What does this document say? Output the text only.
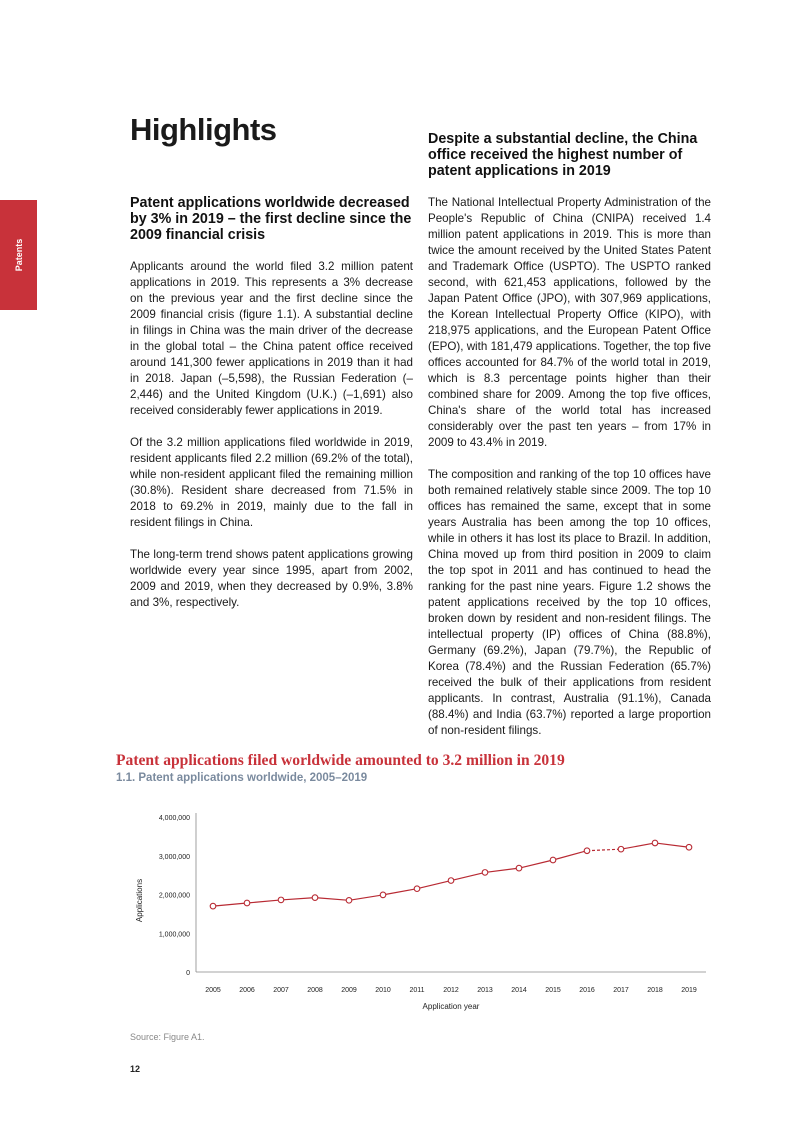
Patents
Highlights
Patent applications worldwide decreased by 3% in 2019 – the first decline since the 2009 financial crisis

Applicants around the world filed 3.2 million patent applications in 2019. This represents a 3% decrease on the previous year and the first decline since the 2009 financial crisis (figure 1.1). A substantial decline in filings in China was the main driver of the decrease in the global total – the China patent office received around 141,300 fewer applications in 2019 than it had in 2018. Japan (–5,598), the Russian Federation (–2,446) and the United Kingdom (U.K.) (–1,691) also received considerably fewer applications in 2019.

Of the 3.2 million applications filed worldwide in 2019, resident applicants filed 2.2 million (69.2% of the total), while non-resident applicant filed the remaining million (30.8%). Resident share decreased from 71.5% in 2018 to 69.2% in 2019, mainly due to the fall in resident filings in China.

The long-term trend shows patent applications growing worldwide every year since 1995, apart from 2002, 2009 and 2019, when they decreased by 0.9%, 3.8% and 3%, respectively.

Despite a substantial decline, the China office received the highest number of patent applications in 2019

The National Intellectual Property Administration of the People's Republic of China (CNIPA) received 1.4 million patent applications in 2019. This is more than twice the amount received by the United States Patent and Trademark Office (USPTO). The USPTO ranked second, with 621,453 applications, followed by the Japan Patent Office (JPO), with 307,969 applications, the Korean Intellectual Property Office (KIPO), with 218,975 applications, and the European Patent Office (EPO), with 181,479 applications. Together, the top five offices accounted for 84.7% of the world total in 2019, which is 8.3 percentage points higher than their combined share for 2009. Among the top five offices, China's share of the world total has increased considerably over the past ten years – from 17% in 2009 to 43.4% in 2019.

The composition and ranking of the top 10 offices have both remained relatively stable since 2009. The top 10 offices has remained the same, except that in some years Australia has been among the top 10 offices, while in others it has lost its place to Brazil. In addition, China moved up from third position in 2009 to claim the top spot in 2011 and has continued to head the ranking for the past nine years. Figure 1.2 shows the patent applications received by the top 10 offices, broken down by resident and non-resident filings. The intellectual property (IP) offices of China (88.8%), Germany (69.2%), Japan (79.7%), the Republic of Korea (78.4%) and the Russian Federation (65.7%) received the bulk of their applications from resident applicants. In contrast, Australia (91.1%), Canada (88.4%) and India (63.7%) reported a large proportion of non-resident filings.

Patent applications filed worldwide amounted to 3.2 million in 2019
1.1. Patent applications worldwide, 2005–2019
0
1,000,000
2,000,000
3,000,000
4,000,000
2005	2006	2007	2008	2009	2010	2011	2012	2013	2014	2015	2016	2017	2018	2019
Application year
Applications
Source: Figure A1.
12
